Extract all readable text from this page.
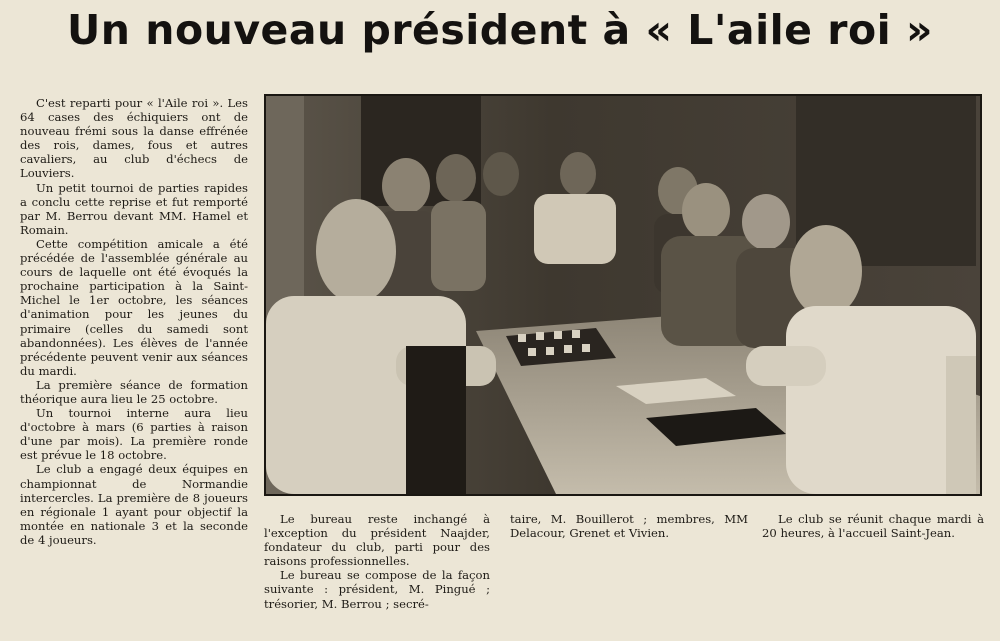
Un nouveau président à « L'aile roi »

C'est reparti pour « l'Aile roi ». Les 64 cases des échiquiers ont de nouveau frémi sous la danse effrénée des rois, dames, fous et autres cavaliers, au club d'échecs de Louviers.

Un petit tournoi de parties rapides a conclu cette reprise et fut remporté par M. Berrou devant MM. Hamel et Romain.

Cette compétition amicale a été précédée de l'assemblée générale au cours de laquelle ont été évoqués la prochaine participation à la Saint-Michel le 1er octobre, les séances d'animation pour les jeunes du primaire (celles du samedi sont abandonnées). Les élèves de l'année précédente peuvent venir aux séances du mardi.

La première séance de formation théorique aura lieu le 25 octobre.

Un tournoi interne aura lieu d'octobre à mars (6 parties à raison d'une par mois). La première ronde est prévue le 18 octobre.

Le club a engagé deux équipes en championnat de Normandie intercercles. La première de 8 joueurs en régionale 1 ayant pour objectif la montée en nationale 3 et la seconde de 4 joueurs.

Le bureau reste inchangé à l'exception du président Naajder, fondateur du club, parti pour des raisons professionnelles.

Le bureau se compose de la façon suivante : président, M. Pingué ; trésorier, M. Berrou ; secré-

taire, M. Bouillerot ; membres, MM Delacour, Grenet et Vivien.

Le club se réunit chaque mardi à 20 heures, à l'accueil Saint-Jean.
